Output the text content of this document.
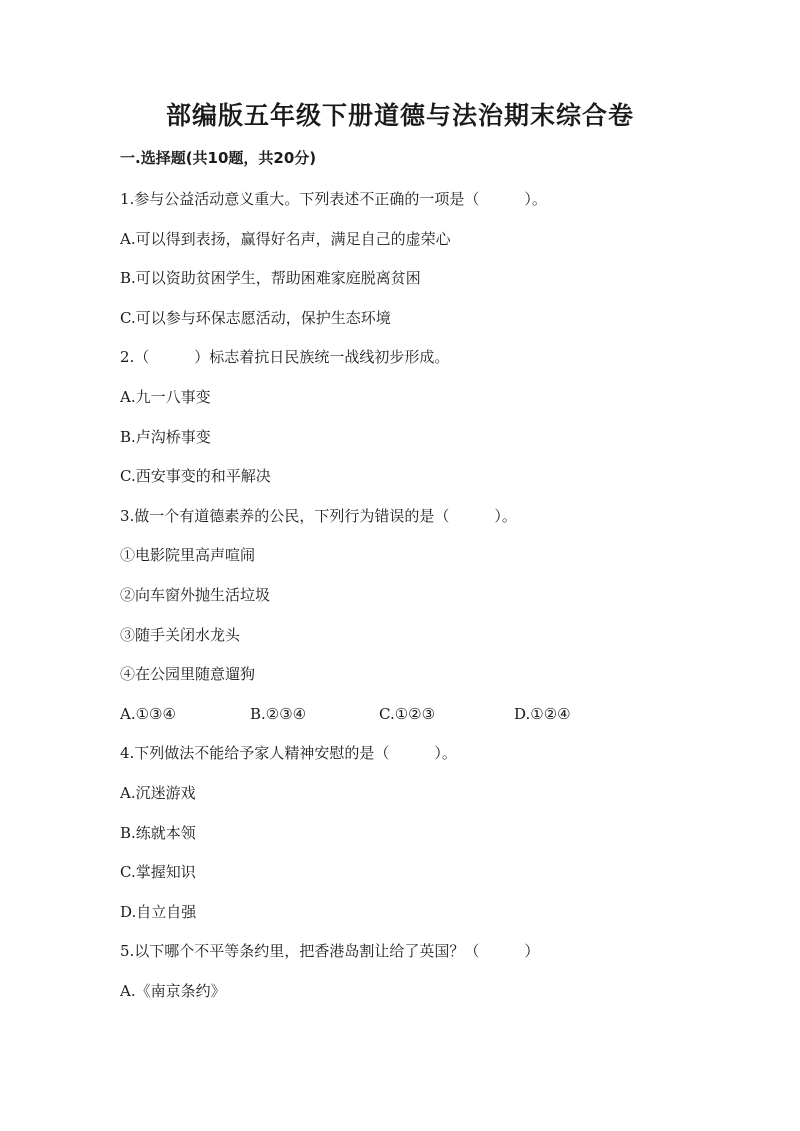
部编版五年级下册道德与法治期末综合卷
一.选择题(共10题，共20分)
1.参与公益活动意义重大。下列表述不正确的一项是（　　　）。
A.可以得到表扬，赢得好名声，满足自己的虚荣心
B.可以资助贫困学生，帮助困难家庭脱离贫困
C.可以参与环保志愿活动，保护生态环境
2.（　　　）标志着抗日民族统一战线初步形成。
A.九一八事变
B.卢沟桥事变
C.西安事变的和平解决
3.做一个有道德素养的公民，下列行为错误的是（　　　）。
①电影院里高声喧闹
②向车窗外抛生活垃圾
③随手关闭水龙头
④在公园里随意遛狗
A.①③④	B.②③④	C.①②③	D.①②④
4.下列做法不能给予家人精神安慰的是（　　　）。
A.沉迷游戏
B.练就本领
C.掌握知识
D.自立自强
5.以下哪个不平等条约里，把香港岛割让给了英国？（　　　）
A.《南京条约》
